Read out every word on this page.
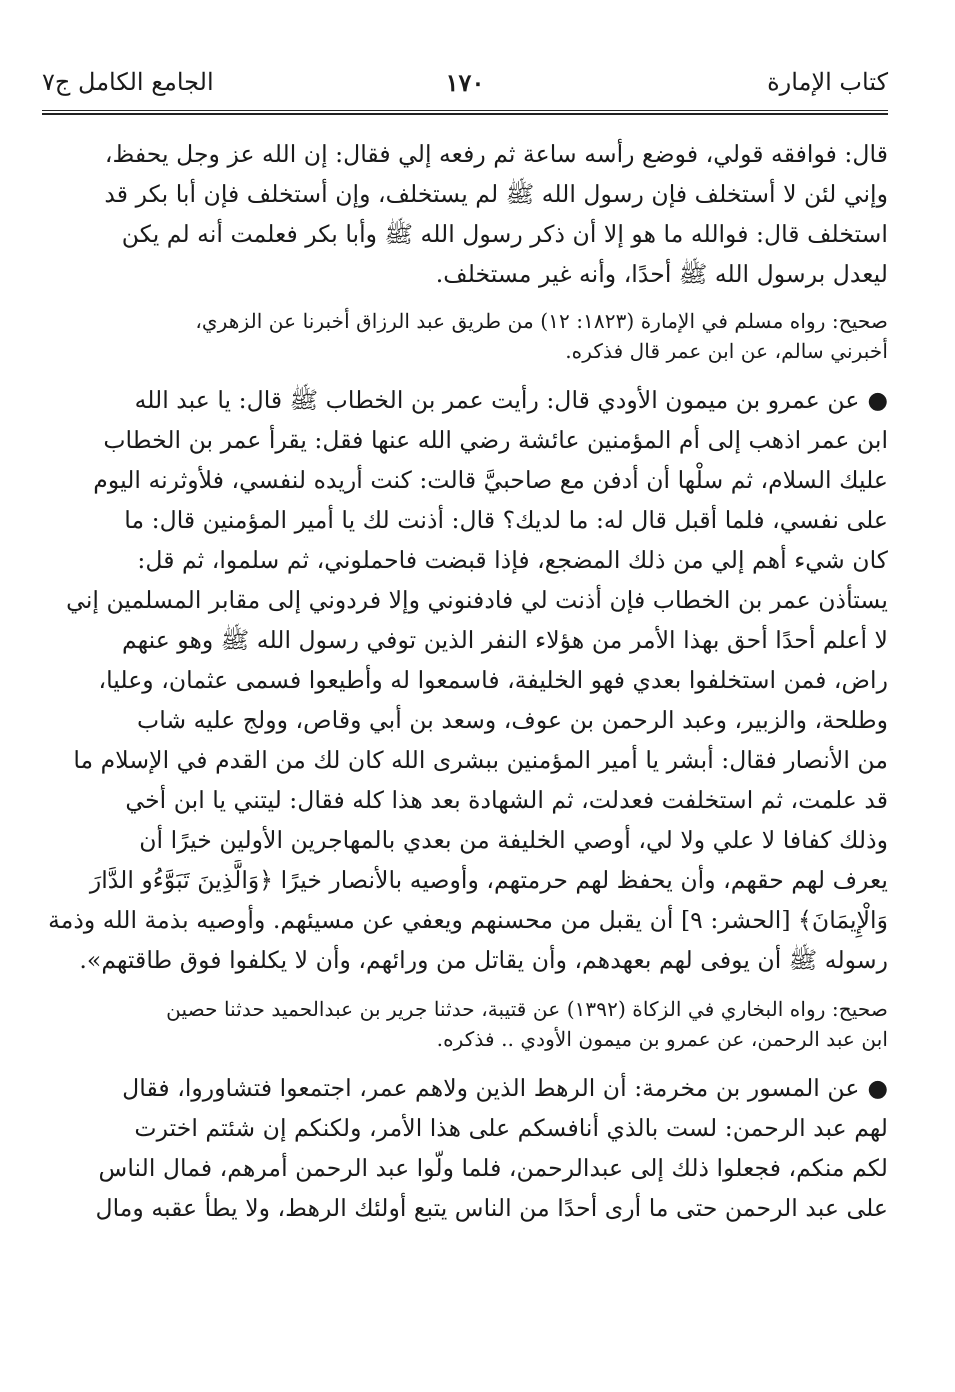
كتاب الإمارة
١٧٠
الجامع الكامل ج٧
قال: فوافقه قولي، فوضع رأسه ساعة ثم رفعه إلي فقال: إن الله عز وجل يحفظ،
وإني لئن لا أستخلف فإن رسول الله ﷺ لم يستخلف، وإن أستخلف فإن أبا بكر قد
استخلف قال: فوالله ما هو إلا أن ذكر رسول الله ﷺ وأبا بكر فعلمت أنه لم يكن
ليعدل برسول الله ﷺ أحدًا، وأنه غير مستخلف.
صحيح: رواه مسلم في الإمارة (١٨٢٣: ١٢) من طريق عبد الرزاق أخبرنا عن الزهري،
أخبرني سالم، عن ابن عمر قال فذكره.
●عن عمرو بن ميمون الأودي قال: رأيت عمر بن الخطاب ﷺ قال: يا عبد الله
ابن عمر اذهب إلى أم المؤمنين عائشة رضي الله عنها فقل: يقرأ عمر بن الخطاب
عليك السلام، ثم سلْها أن أدفن مع صاحبيَّ قالت: كنت أريده لنفسي، فلأوثرنه اليوم
على نفسي، فلما أقبل قال له: ما لديك؟ قال: أذنت لك يا أمير المؤمنين قال: ما
كان شيء أهم إلي من ذلك المضجع، فإذا قبضت فاحملوني، ثم سلموا، ثم قل:
يستأذن عمر بن الخطاب فإن أذنت لي فادفنوني وإلا فردوني إلى مقابر المسلمين إني
لا أعلم أحدًا أحق بهذا الأمر من هؤلاء النفر الذين توفي رسول الله ﷺ وهو عنهم
راض، فمن استخلفوا بعدي فهو الخليفة، فاسمعوا له وأطيعوا فسمى عثمان، وعليا،
وطلحة، والزبير، وعبد الرحمن بن عوف، وسعد بن أبي وقاص، وولج عليه شاب
من الأنصار فقال: أبشر يا أمير المؤمنين ببشرى الله كان لك من القدم في الإسلام ما
قد علمت، ثم استخلفت فعدلت، ثم الشهادة بعد هذا كله فقال: ليتني يا ابن أخي
وذلك كفافا لا علي ولا لي، أوصي الخليفة من بعدي بالمهاجرين الأولين خيرًا أن
يعرف لهم حقهم، وأن يحفظ لهم حرمتهم، وأوصيه بالأنصار خيرًا ﴿وَالَّذِينَ تَبَوَّءُو الدَّارَ
وَالْإِيمَانَ﴾ [الحشر: ٩] أن يقبل من محسنهم ويعفي عن مسيئهم. وأوصيه بذمة الله وذمة
رسوله ﷺ أن يوفى لهم بعهدهم، وأن يقاتل من ورائهم، وأن لا يكلفوا فوق طاقتهم».
صحيح: رواه البخاري في الزكاة (١٣٩٢) عن قتيبة، حدثنا جرير بن عبدالحميد حدثنا حصين
ابن عبد الرحمن، عن عمرو بن ميمون الأودي .. فذكره.
●عن المسور بن مخرمة: أن الرهط الذين ولاهم عمر، اجتمعوا فتشاوروا، فقال
لهم عبد الرحمن: لست بالذي أنافسكم على هذا الأمر، ولكنكم إن شئتم اخترت
لكم منكم، فجعلوا ذلك إلى عبدالرحمن، فلما ولّوا عبد الرحمن أمرهم، فمال الناس
على عبد الرحمن حتى ما أرى أحدًا من الناس يتبع أولئك الرهط، ولا يطأ عقبه ومال
